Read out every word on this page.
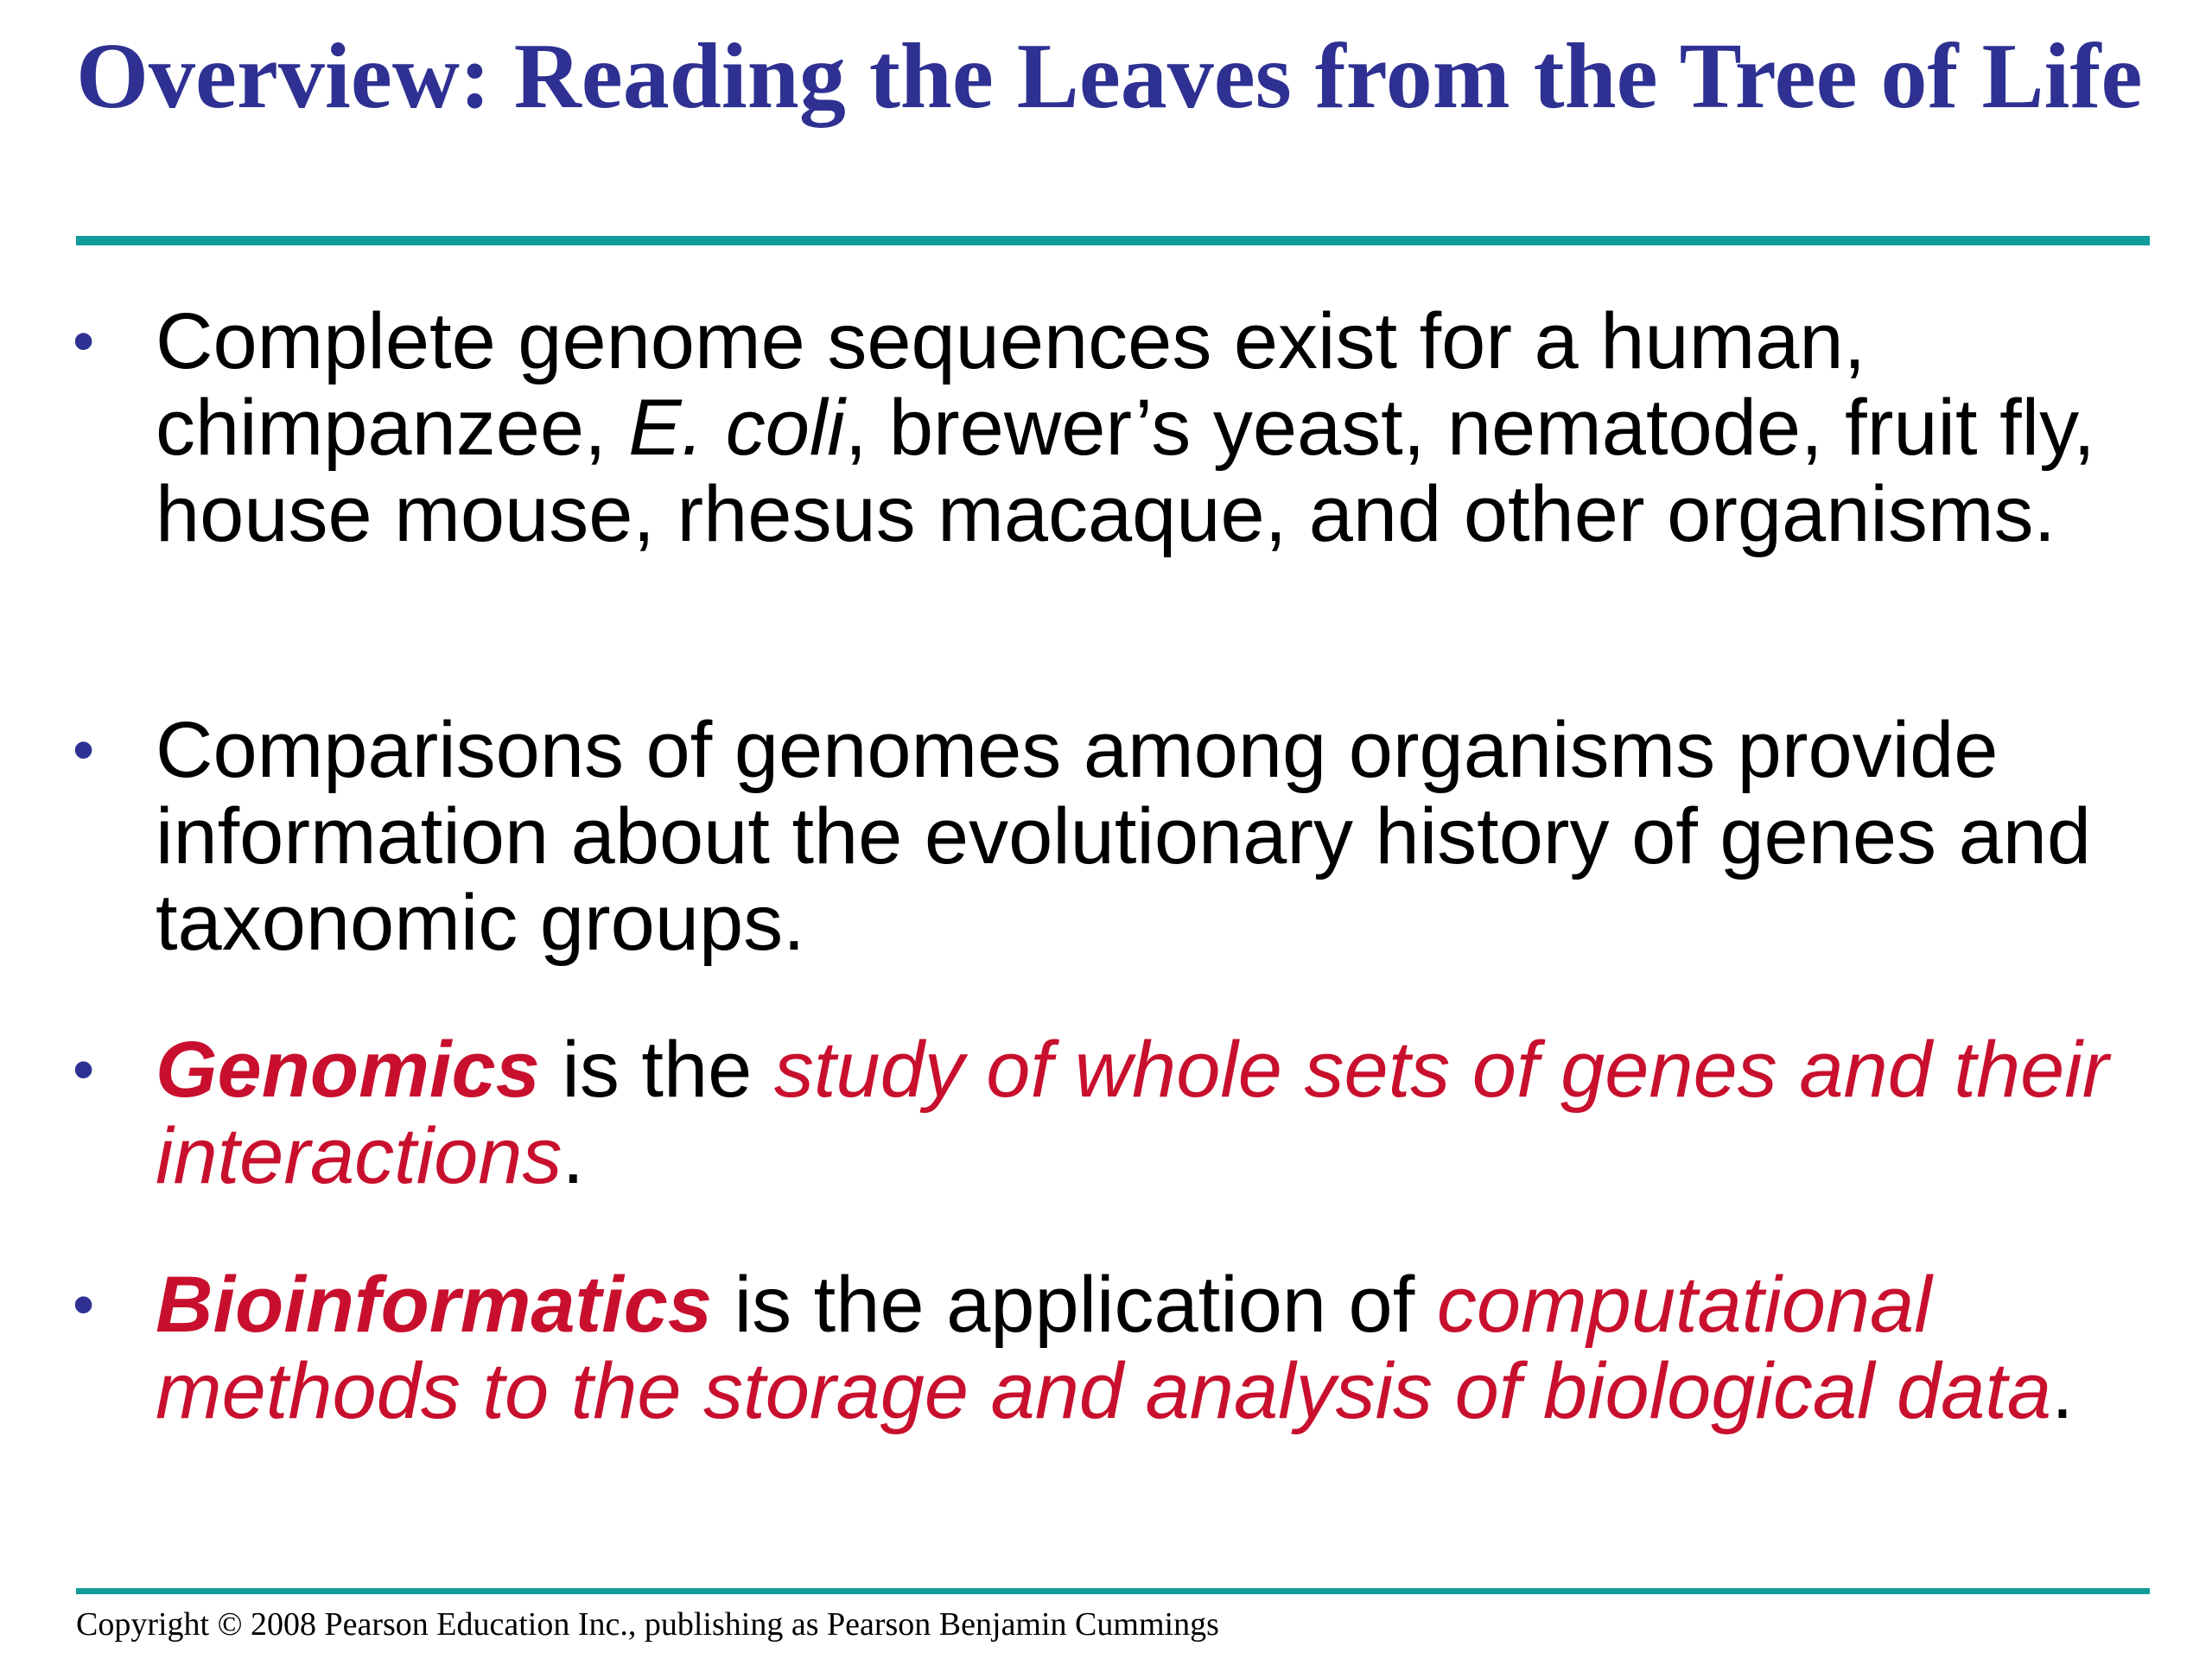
Overview: Reading the Leaves from the Tree of Life
• Complete genome sequences exist for a human, chimpanzee, E. coli, brewer’s yeast, nematode, fruit fly, house mouse, rhesus macaque, and other organisms.
• Comparisons of genomes among organisms provide information about the evolutionary history of genes and taxonomic groups.
• Genomics is the study of whole sets of genes and their interactions.
• Bioinformatics is the application of computational methods to the storage and analysis of biological data.
Copyright © 2008 Pearson Education Inc., publishing as Pearson Benjamin Cummings
